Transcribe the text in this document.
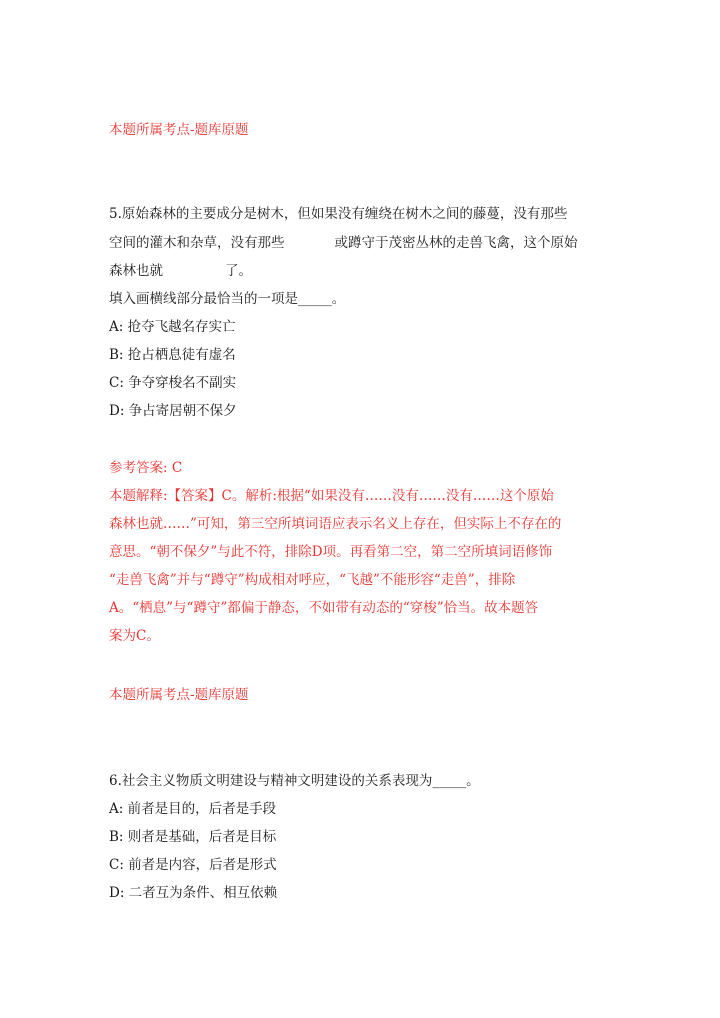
本题所属考点-题库原题
5.原始森林的主要成分是树木，但如果没有缠绕在树木之间的藤蔓，没有那些
空间的灌木和杂草，没有那些	或蹲守于茂密丛林的走兽飞禽，这个原始
森林也就	了。
填入画横线部分最恰当的一项是_____。
A: 抢夺飞越名存实亡
B: 抢占栖息徒有虚名
C: 争夺穿梭名不副实
D: 争占寄居朝不保夕
参考答案: C
本题解释:【答案】C。解析:根据“如果没有……没有……没有……这个原始
森林也就……”可知，第三空所填词语应表示名义上存在，但实际上不存在的
意思。“朝不保夕”与此不符，排除D项。再看第二空，第二空所填词语修饰
“走兽飞禽”并与“蹲守”构成相对呼应，“飞越”不能形容“走兽”，排除
A。“栖息”与“蹲守”都偏于静态，不如带有动态的“穿梭”恰当。故本题答
案为C。
本题所属考点-题库原题
6.社会主义物质文明建设与精神文明建设的关系表现为_____。
A: 前者是目的，后者是手段
B: 则者是基础，后者是目标
C: 前者是内容，后者是形式
D: 二者互为条件、相互依赖
